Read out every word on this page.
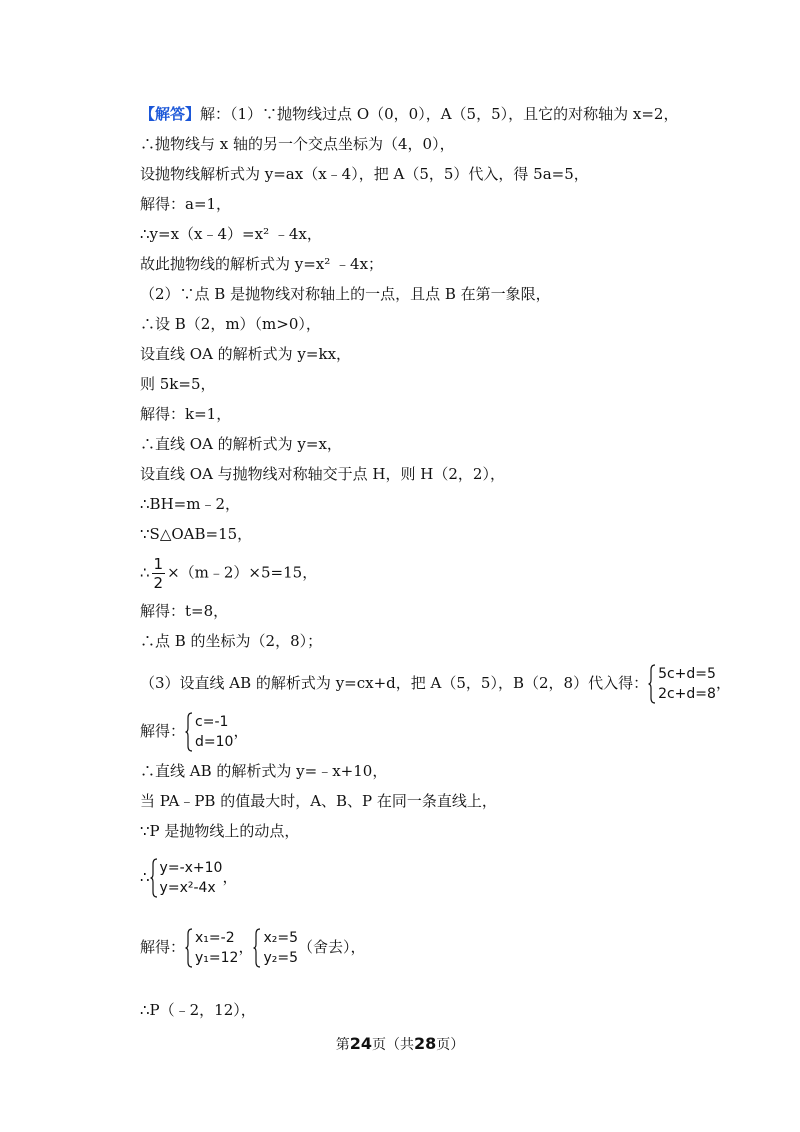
【解答】解：（1）∵抛物线过点 O（0，0），A（5，5），且它的对称轴为 x=2，
∴抛物线与 x 轴的另一个交点坐标为（4，0），
设抛物线解析式为 y=ax（x﹣4），把 A（5，5）代入，得 5a=5，
解得：a=1，
∴y=x（x﹣4）=x² ﹣4x，
故此抛物线的解析式为 y=x² ﹣4x；
（2）∵点 B 是抛物线对称轴上的一点，且点 B 在第一象限，
∴设 B（2，m）（m>0），
设直线 OA 的解析式为 y=kx，
则 5k=5，
解得：k=1，
∴直线 OA 的解析式为 y=x，
设直线 OA 与抛物线对称轴交于点 H，则 H（2，2），
∴BH=m﹣2，
∵S△OAB=15，
∴ $\frac{1}{2}$ ×（m﹣2）×5=15，
解得：t=8，
∴点 B 的坐标为（2，8）；
（3）设直线 AB 的解析式为 y=cx+d，把 A（5，5），B（2，8）代入得： 5c+d=5
2c+d=8
，
解得： c=-1
d=10
，
∴直线 AB 的解析式为 y=﹣x+10，
当 PA﹣PB 的值最大时，A、B、P 在同一条直线上，
∵P 是抛物线上的动点，
∴ y=-x+10
y=x²-4x
，
解得： x₁=-2
y₁=12
， x₂=5
y₂=5
（舍去），
∴P（﹣2，12），
第24页（共28页）
